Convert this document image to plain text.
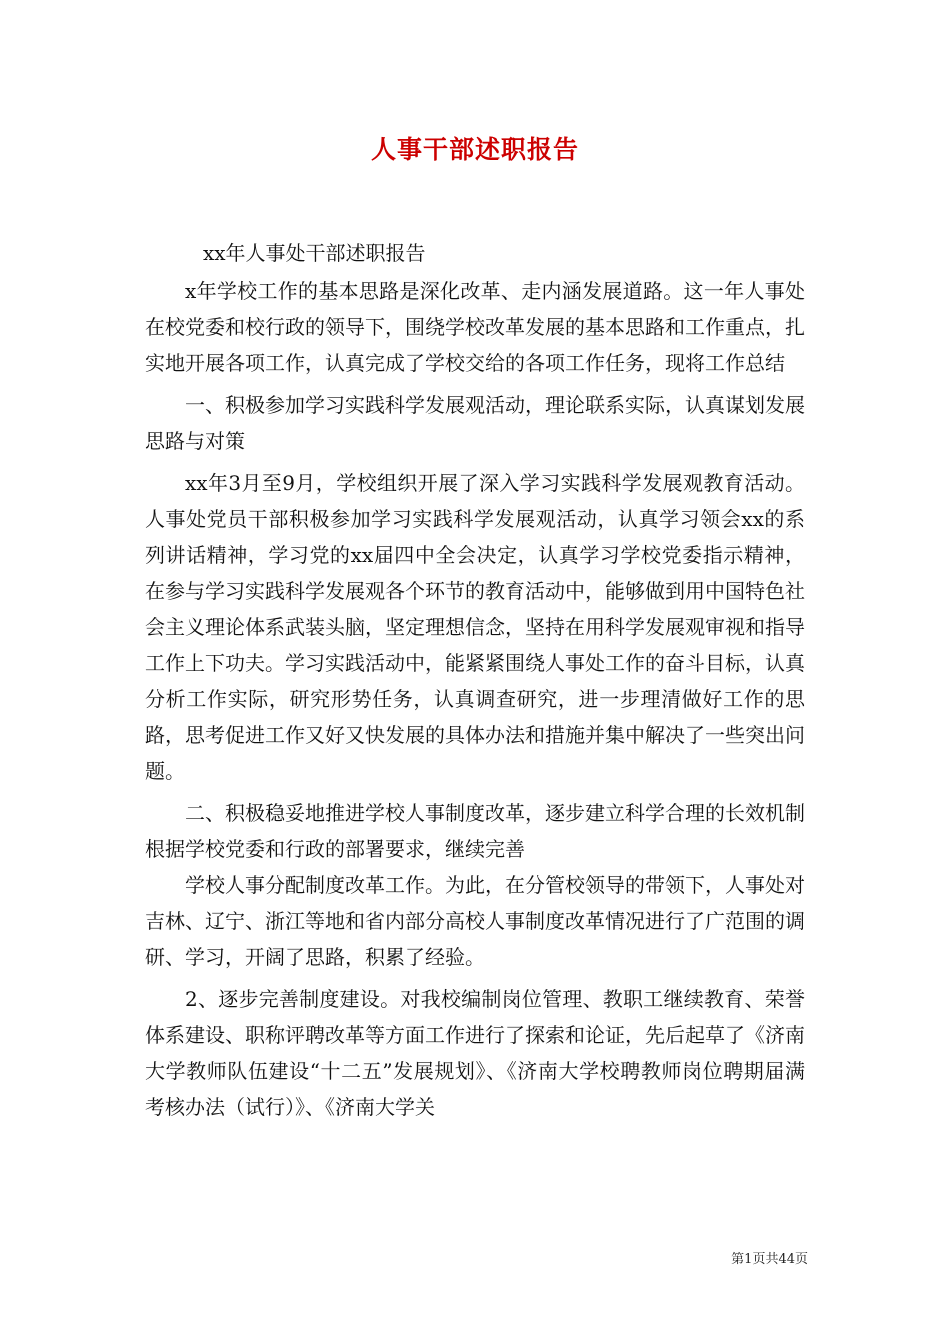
人事干部述职报告

xx年人事处干部述职报告

x年学校工作的基本思路是深化改革、走内涵发展道路。这一年人事处在校党委和校行政的领导下，围绕学校改革发展的基本思路和工作重点，扎实地开展各项工作，认真完成了学校交给的各项工作任务，现将工作总结

一、积极参加学习实践科学发展观活动，理论联系实际，认真谋划发展思路与对策

xx年3月至9月，学校组织开展了深入学习实践科学发展观教育活动。人事处党员干部积极参加学习实践科学发展观活动，认真学习领会xx的系列讲话精神，学习党的xx届四中全会决定，认真学习学校党委指示精神，在参与学习实践科学发展观各个环节的教育活动中，能够做到用中国特色社会主义理论体系武装头脑，坚定理想信念，坚持在用科学发展观审视和指导工作上下功夫。学习实践活动中，能紧紧围绕人事处工作的奋斗目标，认真分析工作实际，研究形势任务，认真调查研究，进一步理清做好工作的思路，思考促进工作又好又快发展的具体办法和措施并集中解决了一些突出问题。

二、积极稳妥地推进学校人事制度改革，逐步建立科学合理的长效机制根据学校党委和行政的部署要求，继续完善

学校人事分配制度改革工作。为此，在分管校领导的带领下，人事处对吉林、辽宁、浙江等地和省内部分高校人事制度改革情况进行了广范围的调研、学习，开阔了思路，积累了经验。

2、逐步完善制度建设。对我校编制岗位管理、教职工继续教育、荣誉体系建设、职称评聘改革等方面工作进行了探索和论证，先后起草了《济南大学教师队伍建设“十二五”发展规划》、《济南大学校聘教师岗位聘期届满考核办法（试行）》、《济南大学关

第1页共44页
